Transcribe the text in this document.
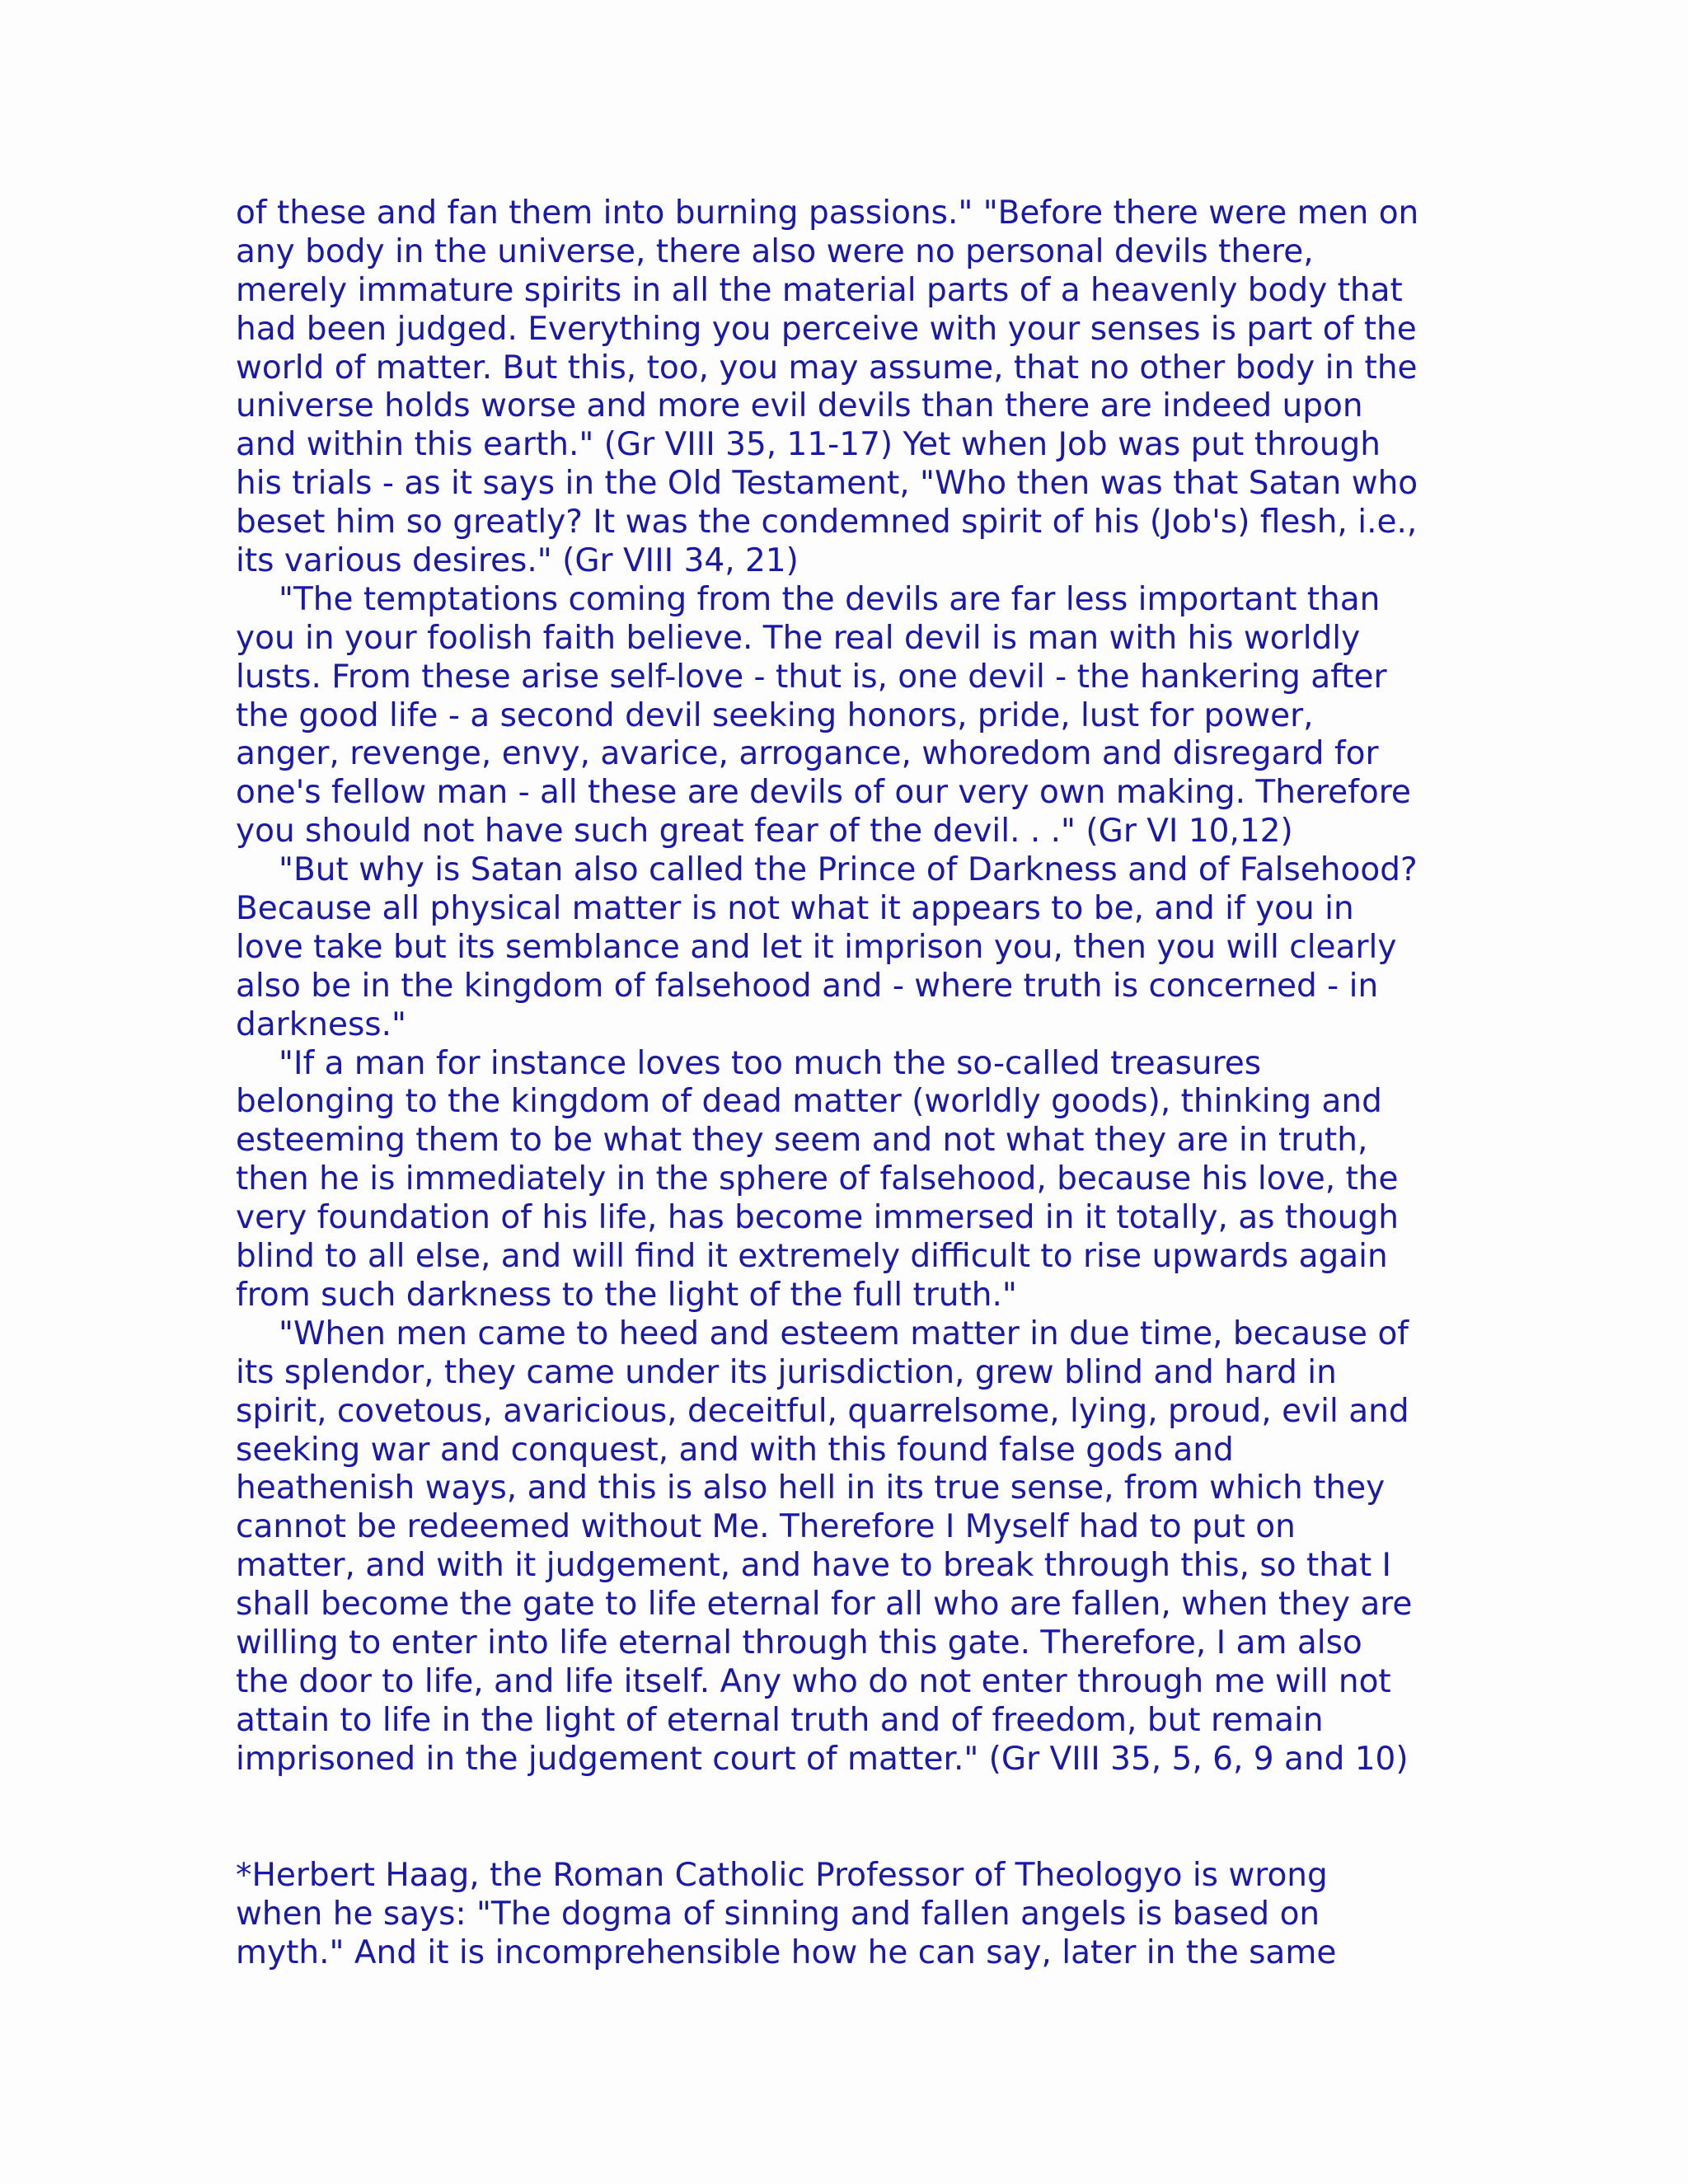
of these and fan them into burning passions." "Before there were men on
any body in the universe, there also were no personal devils there,
merely immature spirits in all the material parts of a heavenly body that
had been judged. Everything you perceive with your senses is part of the
world of matter. But this, too, you may assume, that no other body in the
universe holds worse and more evil devils than there are indeed upon
and within this earth." (Gr VIII 35, 11-17) Yet when Job was put through
his trials - as it says in the Old Testament, "Who then was that Satan who
beset him so greatly? It was the condemned spirit of his (Job's) flesh, i.e.,
its various desires." (Gr VIII 34, 21)
"The temptations coming from the devils are far less important than
you in your foolish faith believe. The real devil is man with his worldly
lusts. From these arise self-love - thut is, one devil - the hankering after
the good life - a second devil seeking honors, pride, lust for power,
anger, revenge, envy, avarice, arrogance, whoredom and disregard for
one's fellow man - all these are devils of our very own making. Therefore
you should not have such great fear of the devil. . ." (Gr VI 10,12)
"But why is Satan also called the Prince of Darkness and of Falsehood?
Because all physical matter is not what it appears to be, and if you in
love take but its semblance and let it imprison you, then you will clearly
also be in the kingdom of falsehood and - where truth is concerned - in
darkness."
"If a man for instance loves too much the so-called treasures
belonging to the kingdom of dead matter (worldly goods), thinking and
esteeming them to be what they seem and not what they are in truth,
then he is immediately in the sphere of falsehood, because his love, the
very foundation of his life, has become immersed in it totally, as though
blind to all else, and will find it extremely difficult to rise upwards again
from such darkness to the light of the full truth."
"When men came to heed and esteem matter in due time, because of
its splendor, they came under its jurisdiction, grew blind and hard in
spirit, covetous, avaricious, deceitful, quarrelsome, lying, proud, evil and
seeking war and conquest, and with this found false gods and
heathenish ways, and this is also hell in its true sense, from which they
cannot be redeemed without Me. Therefore I Myself had to put on
matter, and with it judgement, and have to break through this, so that I
shall become the gate to life eternal for all who are fallen, when they are
willing to enter into life eternal through this gate. Therefore, I am also
the door to life, and life itself. Any who do not enter through me will not
attain to life in the light of eternal truth and of freedom, but remain
imprisoned in the judgement court of matter." (Gr VIII 35, 5, 6, 9 and 10)
*Herbert Haag, the Roman Catholic Professor of Theologyo is wrong
when he says: "The dogma of sinning and fallen angels is based on
myth." And it is incomprehensible how he can say, later in the same
